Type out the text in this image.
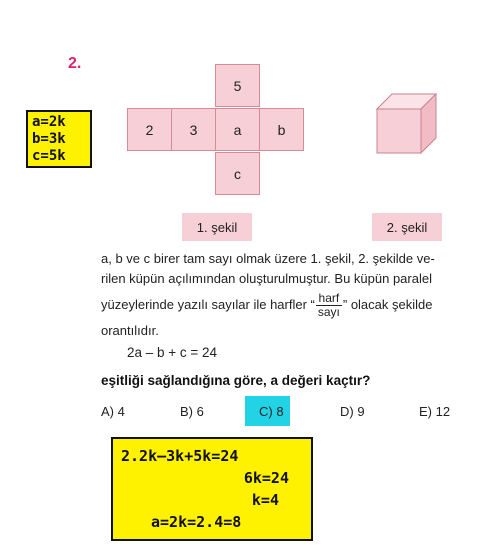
2.
a=2k
b=3k
c=5k
5
2	3	a	b
c
1. şekil	2. şekil
a, b ve c birer tam sayı olmak üzere 1. şekil, 2. şekilde ve-
rilen küpün açılımından oluşturulmuştur. Bu küpün paralel
yüzeylerinde yazılı sayılar ile harfler “ $\frac{\text{harf}}{\text{sayı}}$ ” olacak şekilde
orantılıdır.
2a – b + c = 24
eşitliği sağlandığına göre, a değeri kaçtır?
A) 4	B) 6	C) 8	D) 9	E) 12
2.2k–3k+5k=24
6k=24
k=4
a=2k=2.4=8
